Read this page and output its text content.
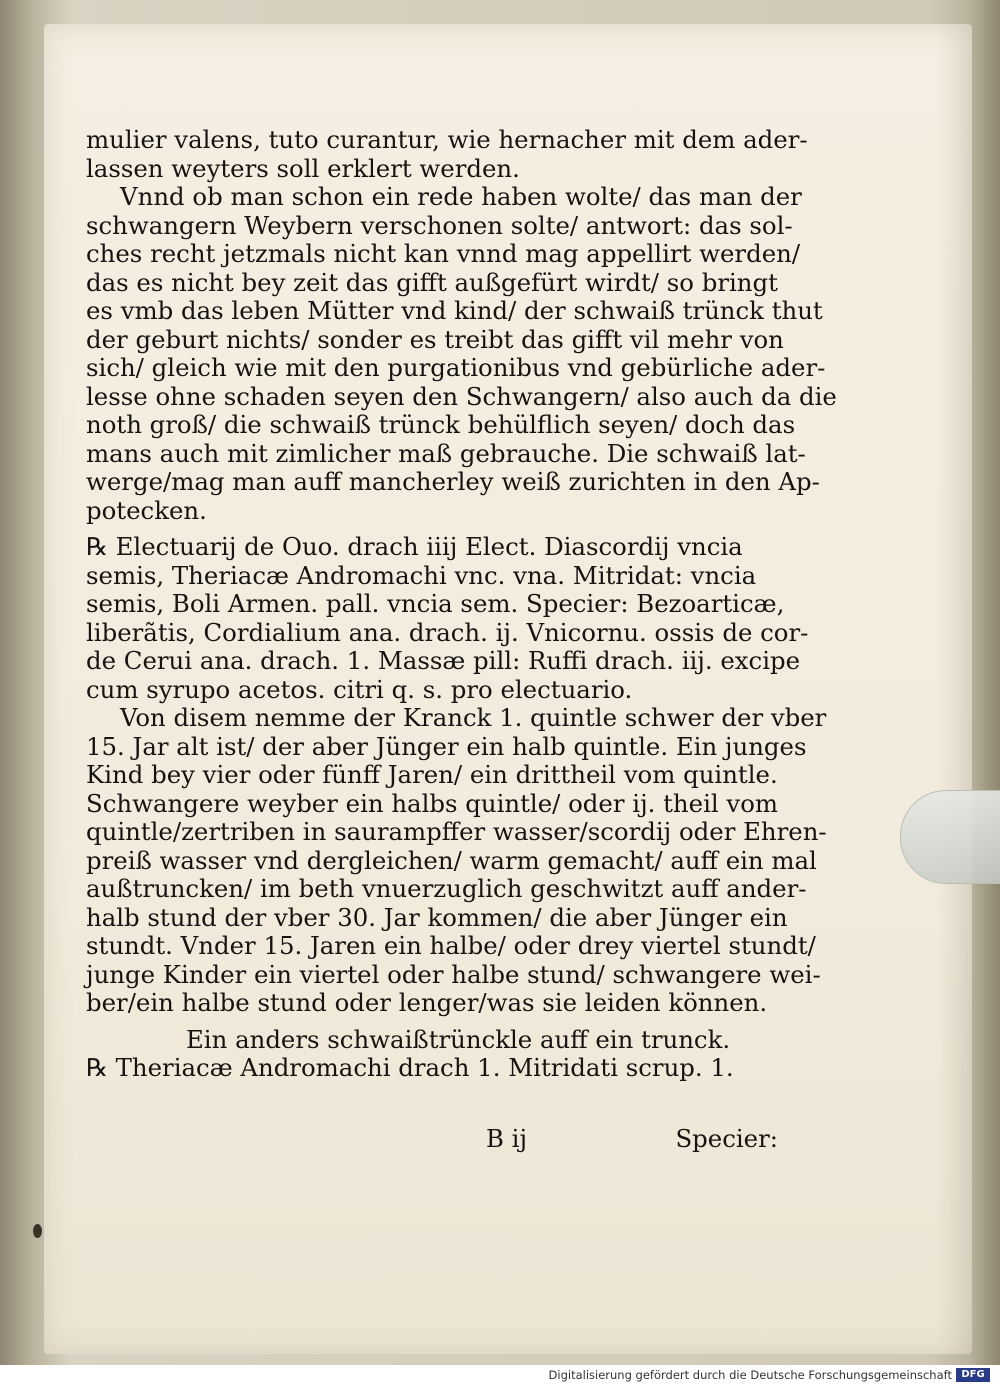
mulier valens, tuto curantur, wie hernacher mit dem ader-
lassen weyters soll erklert werden.
Vnnd ob man schon ein rede haben wolte/ das man der
schwangern Weybern verschonen solte/ antwort: das sol-
ches recht jetzmals nicht kan vnnd mag appellirt werden/
das es nicht bey zeit das gifft außgefürt wirdt/ so bringt
es vmb das leben Mütter vnd kind/ der schwaiß trünck thut
der geburt nichts/ sonder es treibt das gifft vil mehr von
sich/ gleich wie mit den purgationibus vnd gebürliche ader-
lesse ohne schaden seyen den Schwangern/ also auch da die
noth groß/ die schwaiß trünck behülflich seyen/ doch das
mans auch mit zimlicher maß gebrauche. Die schwaiß lat-
werge/mag man auff mancherley weiß zurichten in den Ap-
potecken.
℞ Electuarij de Ouo. drach iiij Elect. Diascordij vncia
semis, Theriacæ Andromachi vnc. vna. Mitridat: vncia
semis, Boli Armen. pall. vncia sem. Specier: Bezoarticæ,
liberãtis, Cordialium ana. drach. ij. Vnicornu. ossis de cor-
de Cerui ana. drach. 1. Massæ pill: Ruffi drach. iij. excipe
cum syrupo acetos. citri q. s. pro electuario.
Von disem nemme der Kranck 1. quintle schwer der vber
15. Jar alt ist/ der aber Jünger ein halb quintle. Ein junges
Kind bey vier oder fünff Jaren/ ein drittheil vom quintle.
Schwangere weyber ein halbs quintle/ oder ij. theil vom
quintle/zertriben in saurampffer wasser/scordij oder Ehren-
preiß wasser vnd dergleichen/ warm gemacht/ auff ein mal
außtruncken/ im beth vnuerzuglich geschwitzt auff ander-
halb stund der vber 30. Jar kommen/ die aber Jünger ein
stundt. Vnder 15. Jaren ein halbe/ oder drey viertel stundt/
junge Kinder ein viertel oder halbe stund/ schwangere wei-
ber/ein halbe stund oder lenger/was sie leiden können.
Ein anders schwaißtrünckle auff ein trunck.
℞ Theriacæ Andromachi drach 1. Mitridati scrup. 1.
B ij	Specier:
Digitalisierung gefördert durch die Deutsche Forschungsgemeinschaft DFG
